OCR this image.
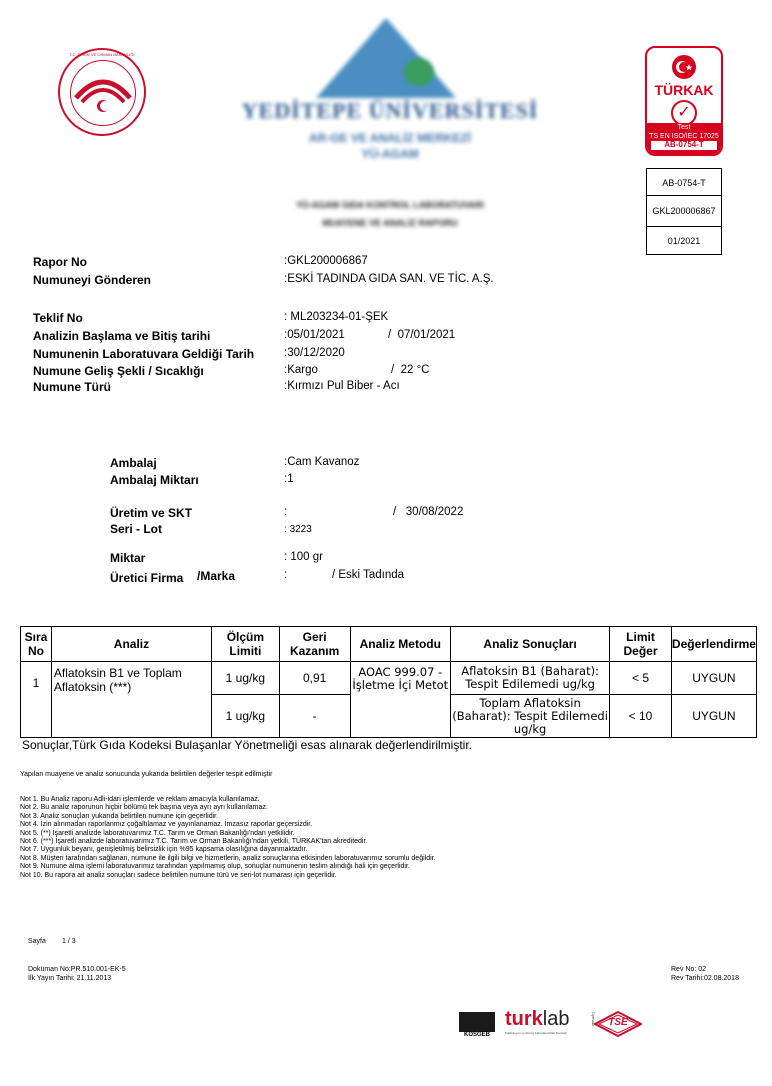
T.C. TARIM VE ORMAN BAKANLIĞI
YEDİTEPE ÜNİVERSİTESİ
AR-GE VE ANALİZ MERKEZİ
YÜ-AGAM
YÜ-AGAM GIDA KONTROL LABORATUVARI
MUAYENE VE ANALİZ RAPORU
TÜRKAK
✓
Test
TS EN ISO/IEC 17025
AB-0754-T
AB-0754-T
GKL200006867
01/2021
Rapor No	:GKL200006867
Numuneyi Gönderen	:ESKİ TADINDA GIDA SAN. VE TİC. A.Ş.
Teklif No	: ML203234-01-ŞEK
Analizin Başlama ve Bitiş tarihi	:05/01/2021	/  07/01/2021
Numunenin Laboratuvara Geldiği Tarih	:30/12/2020
Numune Geliş Şekli / Sıcaklığı	:Kargo	/  22 °C
Numune Türü	:Kırmızı Pul Biber - Acı
Ambalaj	:Cam Kavanoz
Ambalaj Miktarı	:1
Üretim ve SKT	:	/   30/08/2022
Seri - Lot	: 3223
Miktar	: 100 gr
Üretici Firma /Marka	:	/ Eski Tadında
Sıra No	Analiz	Ölçüm Limiti	Geri Kazanım	Analiz Metodu	Analiz Sonuçları	Limit Değer	Değerlendirme
1	Aflatoksin B1 ve Toplam Aflatoksin (***)	1 ug/kg	0,91	AOAC 999.07 - İşletme İçi Metot	Aflatoksin B1 (Baharat): Tespit Edilemedi ug/kg	< 5	UYGUN
		1 ug/kg	-		Toplam Aflatoksin (Baharat): Tespit Edilemedi ug/kg	< 10	UYGUN
Sonuçlar,Türk Gıda Kodeksi Bulaşanlar Yönetmeliği esas alınarak değerlendirilmiştir.
Yapılan muayene ve analiz sonucunda yukarıda belirtilen değerler tespit edilmiştir
Not 1. Bu Analiz raporu Adli-idari işlemlerde ve reklam amacıyla kullanılamaz.
Not 2. Bu analiz raporunun hiçbir bölümü tek başına veya ayrı ayrı kullanılamaz.
Not 3. Analiz sonuçları yukarıda belirtilen numune için geçerlidir.
Not 4. İzin alınmadan raporlanmız çoğaltılamaz ve yayınlanamaz. İmzasız raporlar geçersizdir.
Not 5. (**) İşaretli analizde laboratuvarımız T.C. Tarım ve Orman Bakanlığı'ndan yetkilidir.
Not 6. (***) İşaretli analizde laboratuvarımız T.C. Tarım ve Orman Bakanlığı'ndan yetkili, TÜRKAK'tan akreditedir.
Not 7. Uygunluk beyanı, genişletilmiş belirsizlik için %95 kapsama olasılığına dayanmaktadır.
Not 8. Müşteri tarafından sağlanan, numune ile ilgili bilgi ve hizmetlerin, analiz sonuçlarına etkisinden laboratuvarımız sorumlu değildir.
Not 9. Numune alma işlemi laboratuvarımız tarafından yapılmamış olup, sonuçlar numunenin teslim alındığı hali için geçerlidir.
Not 10. Bu rapora ait analiz sonuçları sadece belirtilen numune türü ve seri-lot numarası için geçerlidir.
Sayfa 1 / 3
Doküman No:PR.510.001-EK-5
İlk Yayın Tarihi: 21.11.2013
Rev No: 02
Rev Tarihi:02.08.2018
KOSGEB
turklab
Kalibrasyon ve Deney Laboratuvarları Derneği
Üyesidir	TSE
